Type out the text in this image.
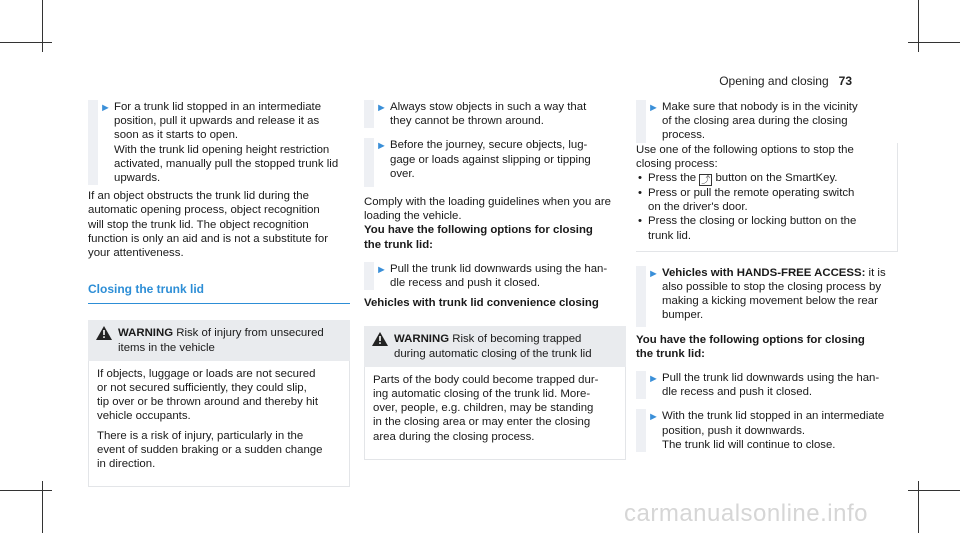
Opening and closing 73
► For a trunk lid stopped in an intermediate
position, pull it upwards and release it as
soon as it starts to open.
With the trunk lid opening height restriction
activated, manually pull the stopped trunk lid
upwards.
If an object obstructs the trunk lid during the
automatic opening process, object recognition
will stop the trunk lid. The object recognition
function is only an aid and is not a substitute for
your attentiveness.
Closing the trunk lid
WARNING Risk of injury from unsecured
items in the vehicle
If objects, luggage or loads are not secured
or not secured sufficiently, they could slip,
tip over or be thrown around and thereby hit
vehicle occupants.
There is a risk of injury, particularly in the
event of sudden braking or a sudden change
in direction.
► Always stow objects in such a way that
they cannot be thrown around.
► Before the journey, secure objects, lug-
gage or loads against slipping or tipping
over.
Comply with the loading guidelines when you are
loading the vehicle.
You have the following options for closing
the trunk lid:
► Pull the trunk lid downwards using the han-
dle recess and push it closed.
Vehicles with trunk lid convenience closing
WARNING Risk of becoming trapped
during automatic closing of the trunk lid
Parts of the body could become trapped dur-
ing automatic closing of the trunk lid. More-
over, people, e.g. children, may be standing
in the closing area or may enter the closing
area during the closing process.
► Make sure that nobody is in the vicinity
of the closing area during the closing
process.
Use one of the following options to stop the
closing process:
• Press the ⤴ button on the SmartKey.
• Press or pull the remote operating switch
on the driver's door.
• Press the closing or locking button on the
trunk lid.
► Vehicles with HANDS-FREE ACCESS: it is
also possible to stop the closing process by
making a kicking movement below the rear
bumper.
You have the following options for closing
the trunk lid:
► Pull the trunk lid downwards using the han-
dle recess and push it closed.
► With the trunk lid stopped in an intermediate
position, push it downwards.
The trunk lid will continue to close.
carmanualsonline.info
